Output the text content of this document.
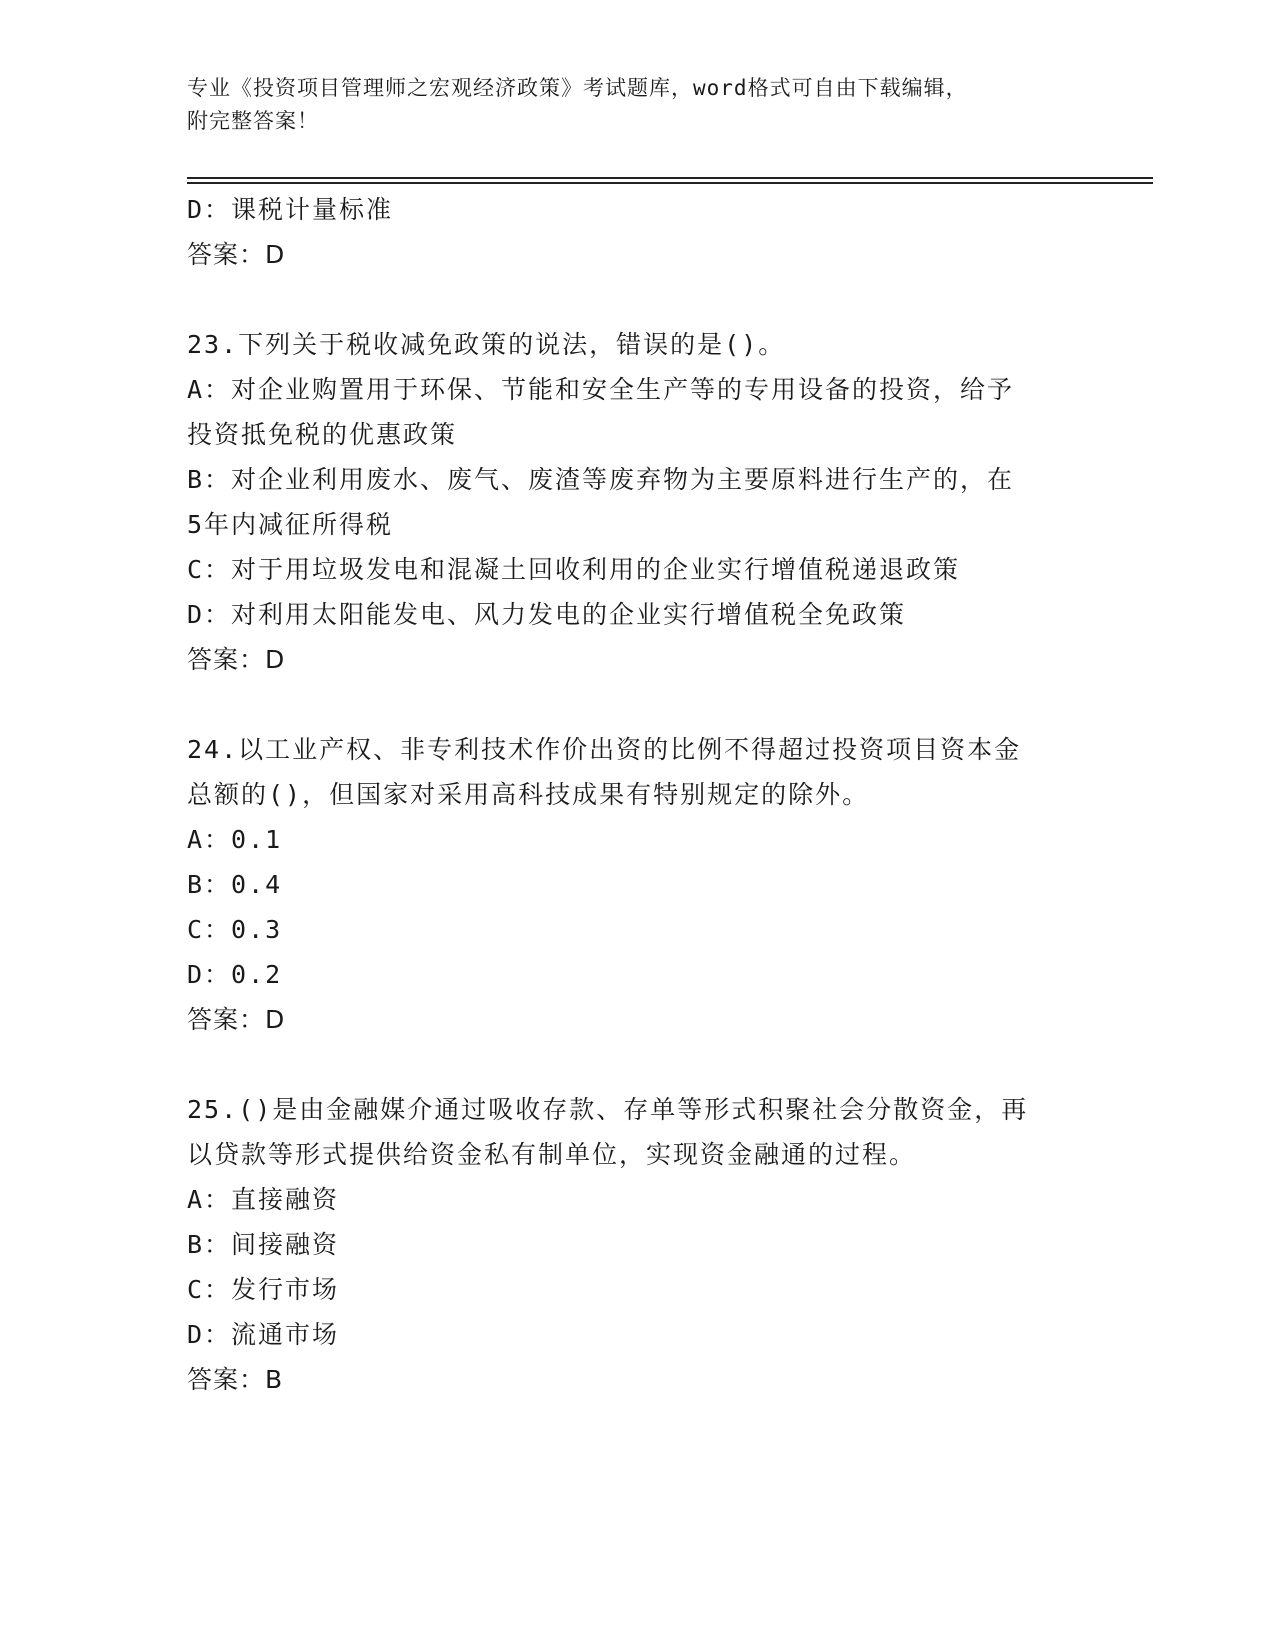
专业《投资项目管理师之宏观经济政策》考试题库，word格式可自由下载编辑，
附完整答案！
D：课税计量标准
答案：D
23.下列关于税收减免政策的说法，错误的是()。
A：对企业购置用于环保、节能和安全生产等的专用设备的投资，给予
投资抵免税的优惠政策
B：对企业利用废水、废气、废渣等废弃物为主要原料进行生产的，在
5年内减征所得税
C：对于用垃圾发电和混凝土回收利用的企业实行增值税递退政策
D：对利用太阳能发电、风力发电的企业实行增值税全免政策
答案：D
24.以工业产权、非专利技术作价出资的比例不得超过投资项目资本金
总额的()，但国家对采用高科技成果有特别规定的除外。
A：0.1
B：0.4
C：0.3
D：0.2
答案：D
25.()是由金融媒介通过吸收存款、存单等形式积聚社会分散资金，再
以贷款等形式提供给资金私有制单位，实现资金融通的过程。
A：直接融资
B：间接融资
C：发行市场
D：流通市场
答案：B
